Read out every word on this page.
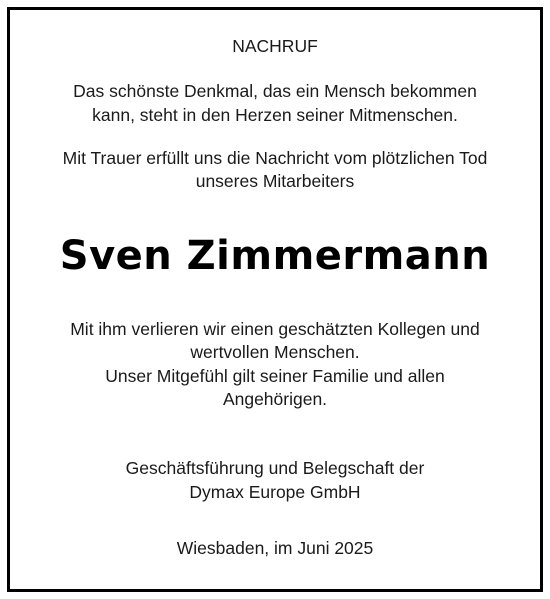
NACHRUF
Das schönste Denkmal, das ein Mensch bekommen
kann, steht in den Herzen seiner Mitmenschen.
Mit Trauer erfüllt uns die Nachricht vom plötzlichen Tod
unseres Mitarbeiters
Sven Zimmermann
Mit ihm verlieren wir einen geschätzten Kollegen und
wertvollen Menschen.
Unser Mitgefühl gilt seiner Familie und allen
Angehörigen.
Geschäftsführung und Belegschaft der
Dymax Europe GmbH
Wiesbaden, im Juni 2025
